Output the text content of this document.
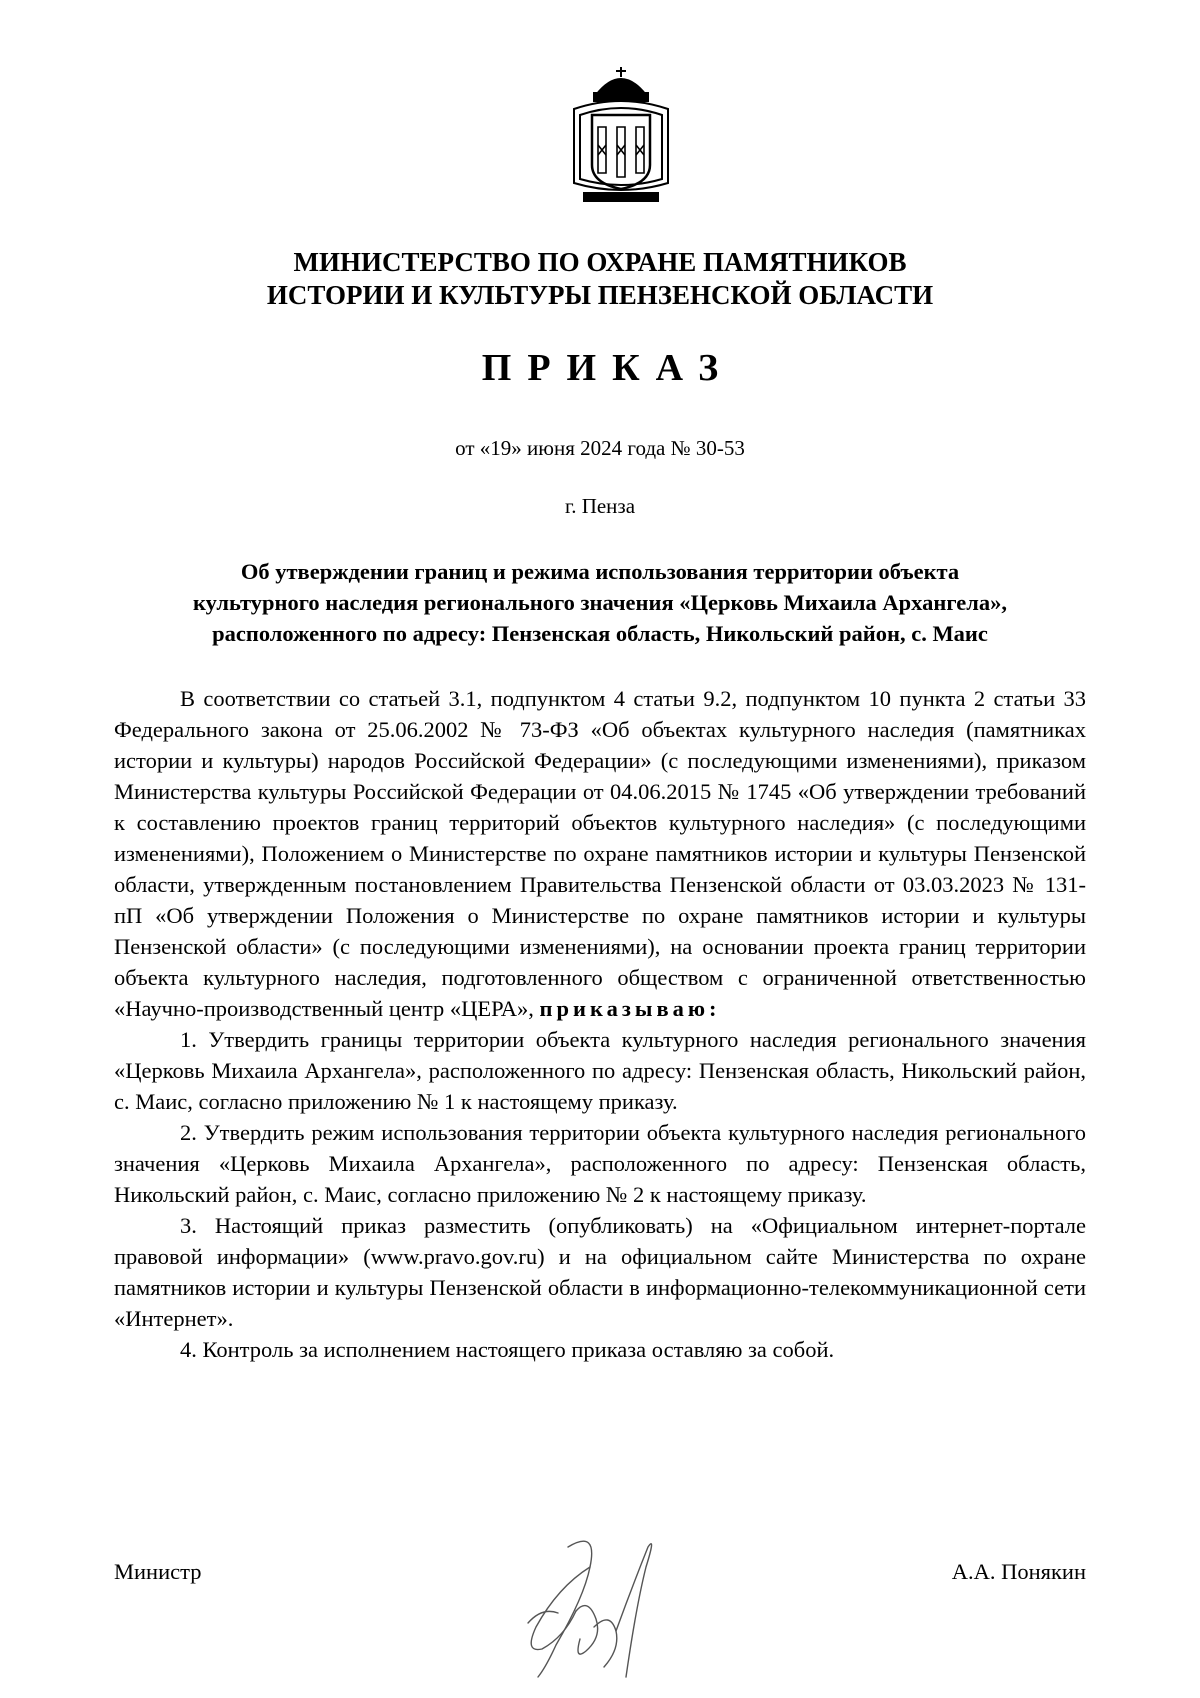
МИНИСТЕРСТВО ПО ОХРАНЕ ПАМЯТНИКОВ
ИСТОРИИ И КУЛЬТУРЫ ПЕНЗЕНСКОЙ ОБЛАСТИ
ПРИКАЗ
от «19» июня 2024 года № 30-53
г. Пенза
Об утверждении границ и режима использования территории объекта
культурного наследия регионального значения «Церковь Михаила Архангела»,
расположенного по адресу: Пензенская область, Никольский район, с. Маис

В соответствии со статьей 3.1, подпунктом 4 статьи 9.2, подпунктом 10 пункта 2 статьи 33 Федерального закона от 25.06.2002 № 73-ФЗ «Об объектах культурного наследия (памятниках истории и культуры) народов Российской Федерации» (с последующими изменениями), приказом Министерства культуры Российской Федерации от 04.06.2015 № 1745 «Об утверждении требований к составлению проектов границ территорий объектов культурного наследия» (с последующими изменениями), Положением о Министерстве по охране памятников истории и культуры Пензенской области, утвержденным постановлением Правительства Пензенской области от 03.03.2023 № 131-пП «Об утверждении Положения о Министерстве по охране памятников истории и культуры Пензенской области» (с последующими изменениями), на основании проекта границ территории объекта культурного наследия, подготовленного обществом с ограниченной ответственностью «Научно-производственный центр «ЦЕРА», приказываю:

1. Утвердить границы территории объекта культурного наследия регионального значения «Церковь Михаила Архангела», расположенного по адресу: Пензенская область, Никольский район, с. Маис, согласно приложению № 1 к настоящему приказу.

2. Утвердить режим использования территории объекта культурного наследия регионального значения «Церковь Михаила Архангела», расположенного по адресу: Пензенская область, Никольский район, с. Маис, согласно приложению № 2 к настоящему приказу.

3. Настоящий приказ разместить (опубликовать) на «Официальном интернет-портале правовой информации» (www.pravo.gov.ru) и на официальном сайте Министерства по охране памятников истории и культуры Пензенской области в информационно-телекоммуникационной сети «Интернет».

4. Контроль за исполнением настоящего приказа оставляю за собой.

Министр	А.А. Понякин
